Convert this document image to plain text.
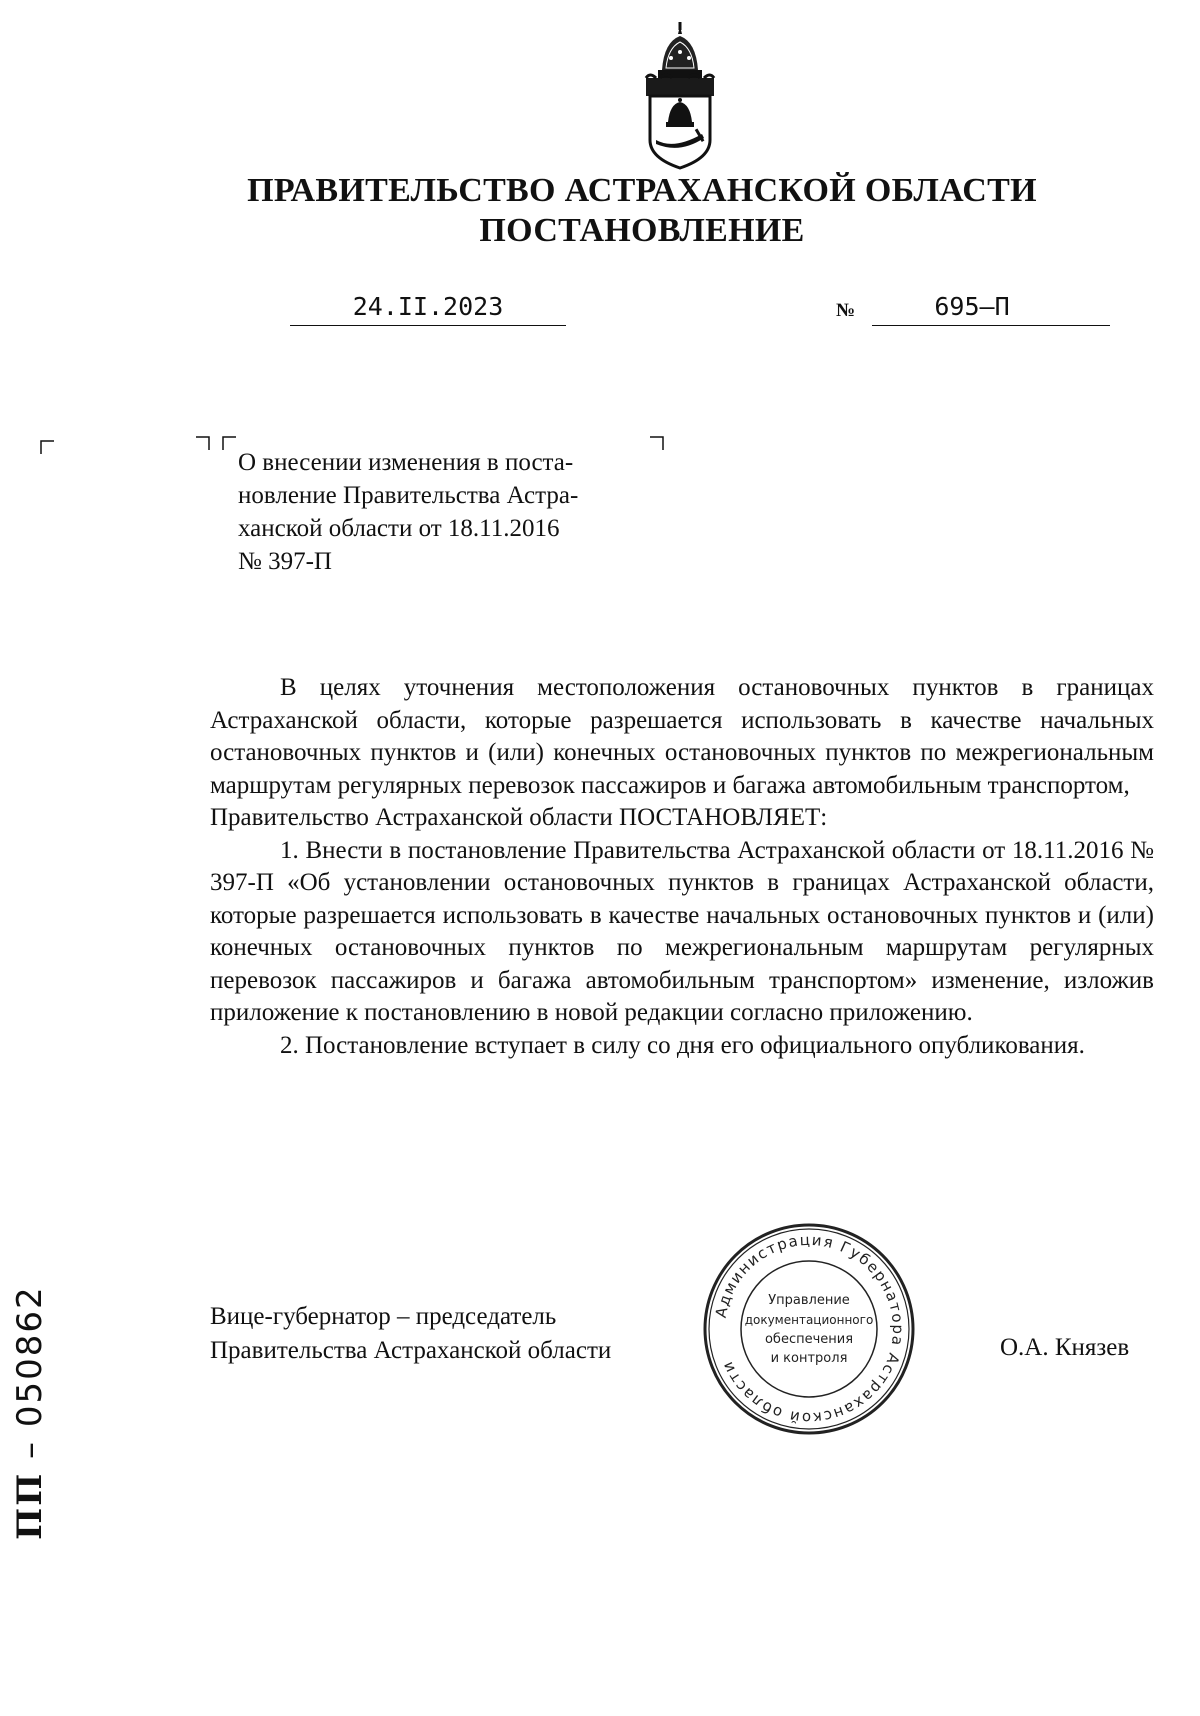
ПРАВИТЕЛЬСТВО АСТРАХАНСКОЙ ОБЛАСТИ
ПОСТАНОВЛЕНИЕ
24.II.2023	№	695–П

О внесении изменения в поста-

новление Правительства Астра-

ханской области от 18.11.2016

№ 397-П

В целях уточнения местоположения остановочных пунктов в границах Астраханской области, которые разрешается использовать в качестве начальных остановочных пунктов и (или) конечных остановочных пунктов по межрегиональным маршрутам регулярных перевозок пассажиров и багажа автомобильным транспортом,

Правительство Астраханской области ПОСТАНОВЛЯЕТ:

1. Внести в постановление Правительства Астраханской области от 18.11.2016 № 397-П «Об установлении остановочных пунктов в границах Астраханской области, которые разрешается использовать в качестве начальных остановочных пунктов и (или) конечных остановочных пунктов по межрегиональным маршрутам регулярных перевозок пассажиров и багажа автомобильным транспортом» изменение, изложив приложение к постановлению в новой редакции согласно приложению.

2. Постановление вступает в силу со дня его официального опубликования.

Вице-губернатор – председатель

Правительства Астраханской области	О.А. Князев
Администрация Губернатора Астраханской области
Управление
документационного
обеспечения
и контроля
ПП – 050862
